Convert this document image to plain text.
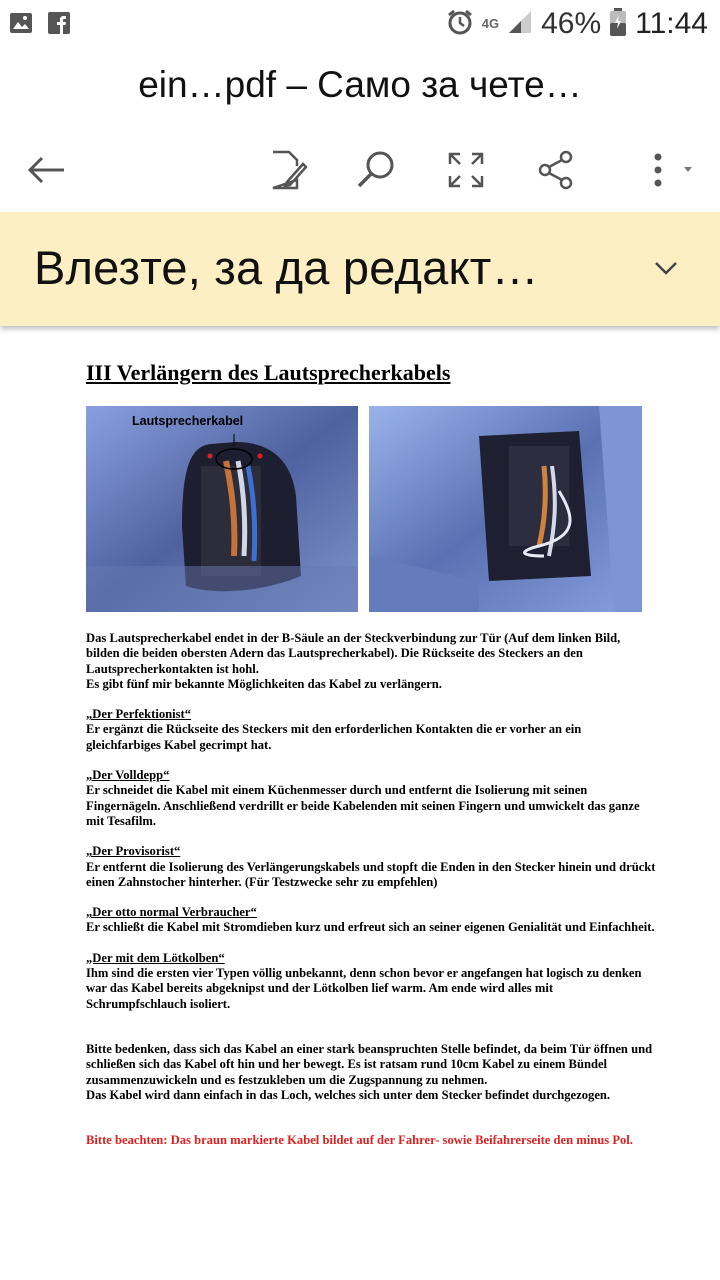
4G 46% 11:44
ein…pdf – Само за чете…
Влезте, за да редакт…
III Verlängern des Lautsprecherkabels
Lautsprecherkabel
Das Lautsprecherkabel endet in der B-Säule an der Steckverbindung zur Tür (Auf dem linken Bild, bilden die beiden obersten Adern das Lautsprecherkabel). Die Rückseite des Steckers an den Lautsprecherkontakten ist hohl.
Es gibt fünf mir bekannte Möglichkeiten das Kabel zu verlängern.
„Der Perfektionist“
Er ergänzt die Rückseite des Steckers mit den erforderlichen Kontakten die er vorher an ein gleichfarbiges Kabel gecrimpt hat.
„Der Volldepp“
Er schneidet die Kabel mit einem Küchenmesser durch und entfernt die Isolierung mit seinen Fingernägeln. Anschließend verdrillt er beide Kabelenden mit seinen Fingern und umwickelt das ganze mit Tesafilm.
„Der Provisorist“
Er entfernt die Isolierung des Verlängerungskabels und stopft die Enden in den Stecker hinein und drückt einen Zahnstocher hinterher. (Für Testzwecke sehr zu empfehlen)
„Der otto normal Verbraucher“
Er schließt die Kabel mit Stromdieben kurz und erfreut sich an seiner eigenen Genialität und Einfachheit.
„Der mit dem Lötkolben“
Ihm sind die ersten vier Typen völlig unbekannt, denn schon bevor er angefangen hat logisch zu denken war das Kabel bereits abgeknipst und der Lötkolben lief warm. Am ende wird alles mit Schrumpfschlauch isoliert.
Bitte bedenken, dass sich das Kabel an einer stark beanspruchten Stelle befindet, da beim Tür öffnen und schließen sich das Kabel oft hin und her bewegt. Es ist ratsam rund 10cm Kabel zu einem Bündel zusammenzuwickeln und es festzukleben um die Zugspannung zu nehmen.
Das Kabel wird dann einfach in das Loch, welches sich unter dem Stecker befindet durchgezogen.
Bitte beachten: Das braun markierte Kabel bildet auf der Fahrer- sowie Beifahrerseite den minus Pol.
